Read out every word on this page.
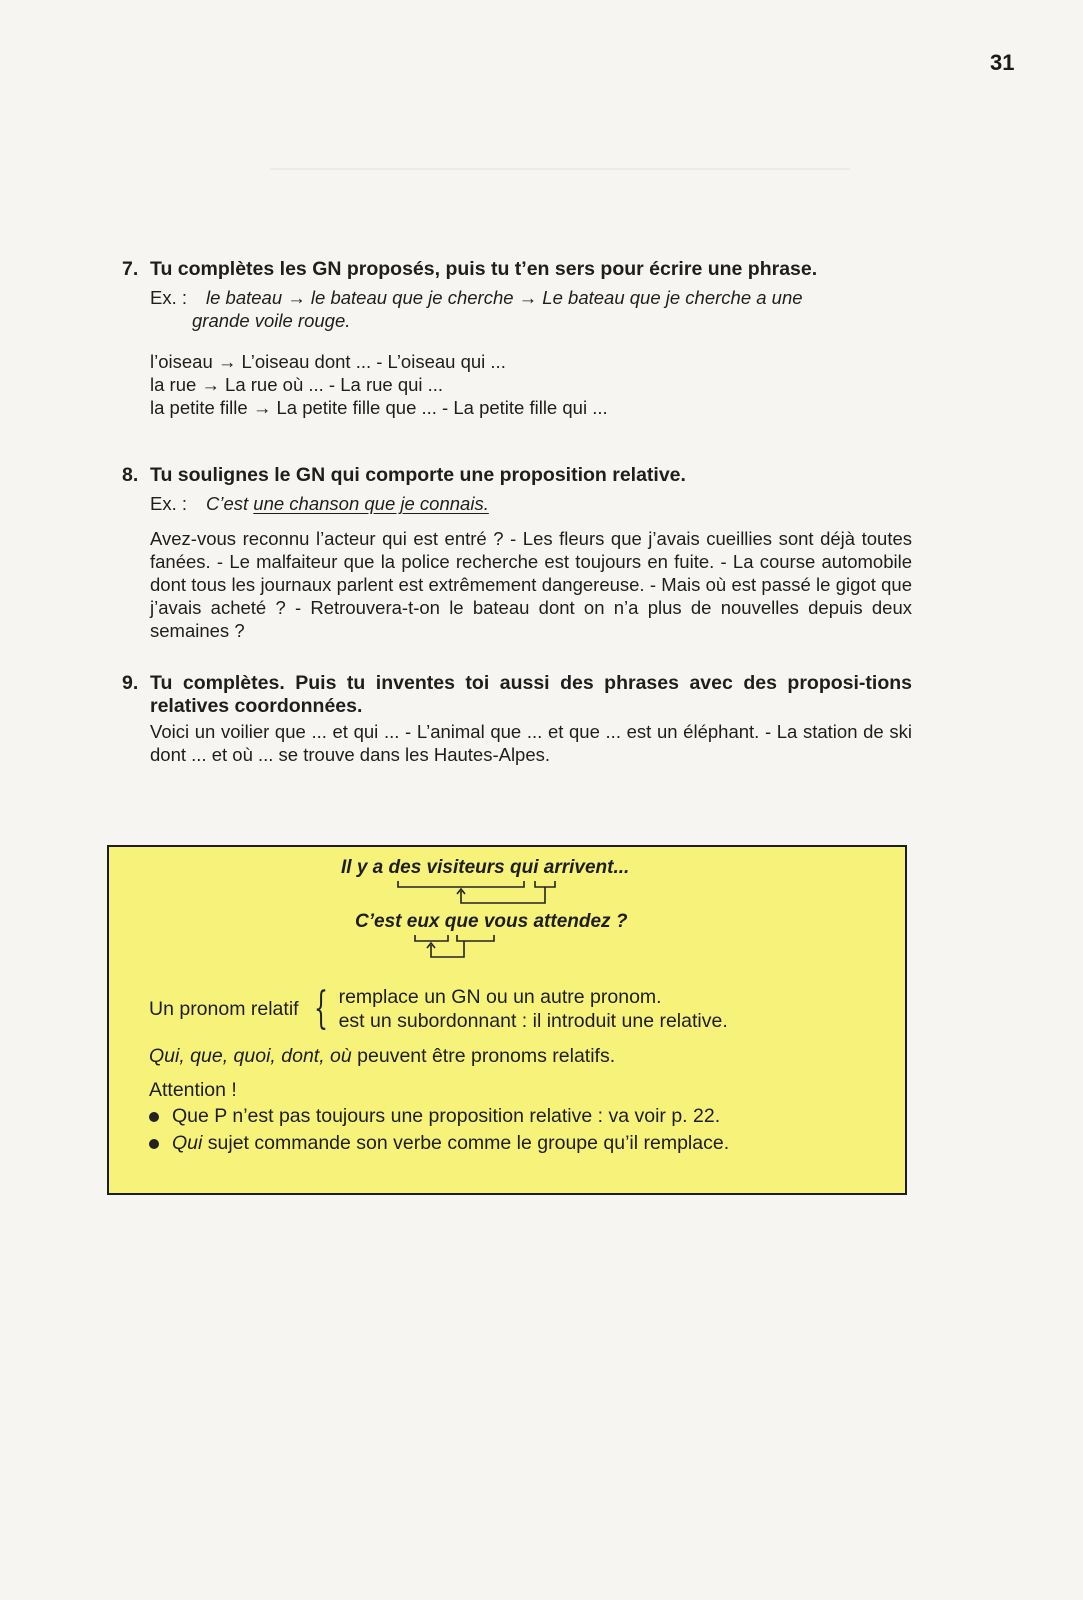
31
7. Tu complètes les GN proposés, puis tu t’en sers pour écrire une phrase.
Ex. :	le bateau → le bateau que je cherche → Le bateau que je cherche a une
grande voile rouge.
l’oiseau → L’oiseau dont ... - L’oiseau qui ...
la rue → La rue où ... - La rue qui ...
la petite fille → La petite fille que ... - La petite fille qui ...
8. Tu soulignes le GN qui comporte une proposition relative.
Ex. :	C’est une chanson que je connais.
Avez-vous reconnu l’acteur qui est entré ? - Les fleurs que j’avais cueillies sont déjà toutes fanées. - Le malfaiteur que la police recherche est toujours en fuite. - La course automobile dont tous les journaux parlent est extrêmement dangereuse. - Mais où est passé le gigot que j’avais acheté ? - Retrouvera-t-on le bateau dont on n’a plus de nouvelles depuis deux semaines ?
9. Tu complètes. Puis tu inventes toi aussi des phrases avec des proposi-tions relatives coordonnées.
Voici un voilier que ... et qui ... - L’animal que ... et que ... est un éléphant. - La station de ski dont ... et où ... se trouve dans les Hautes-Alpes.
Il y a des visiteurs qui arrivent...
C’est eux que vous attendez ?
Un pronom relatif { remplace un GN ou un autre pronom.
est un subordonnant : il introduit une relative.
Qui, que, quoi, dont, où peuvent être pronoms relatifs.
Attention !
Que P n’est pas toujours une proposition relative : va voir p. 22.
Qui sujet commande son verbe comme le groupe qu’il remplace.
